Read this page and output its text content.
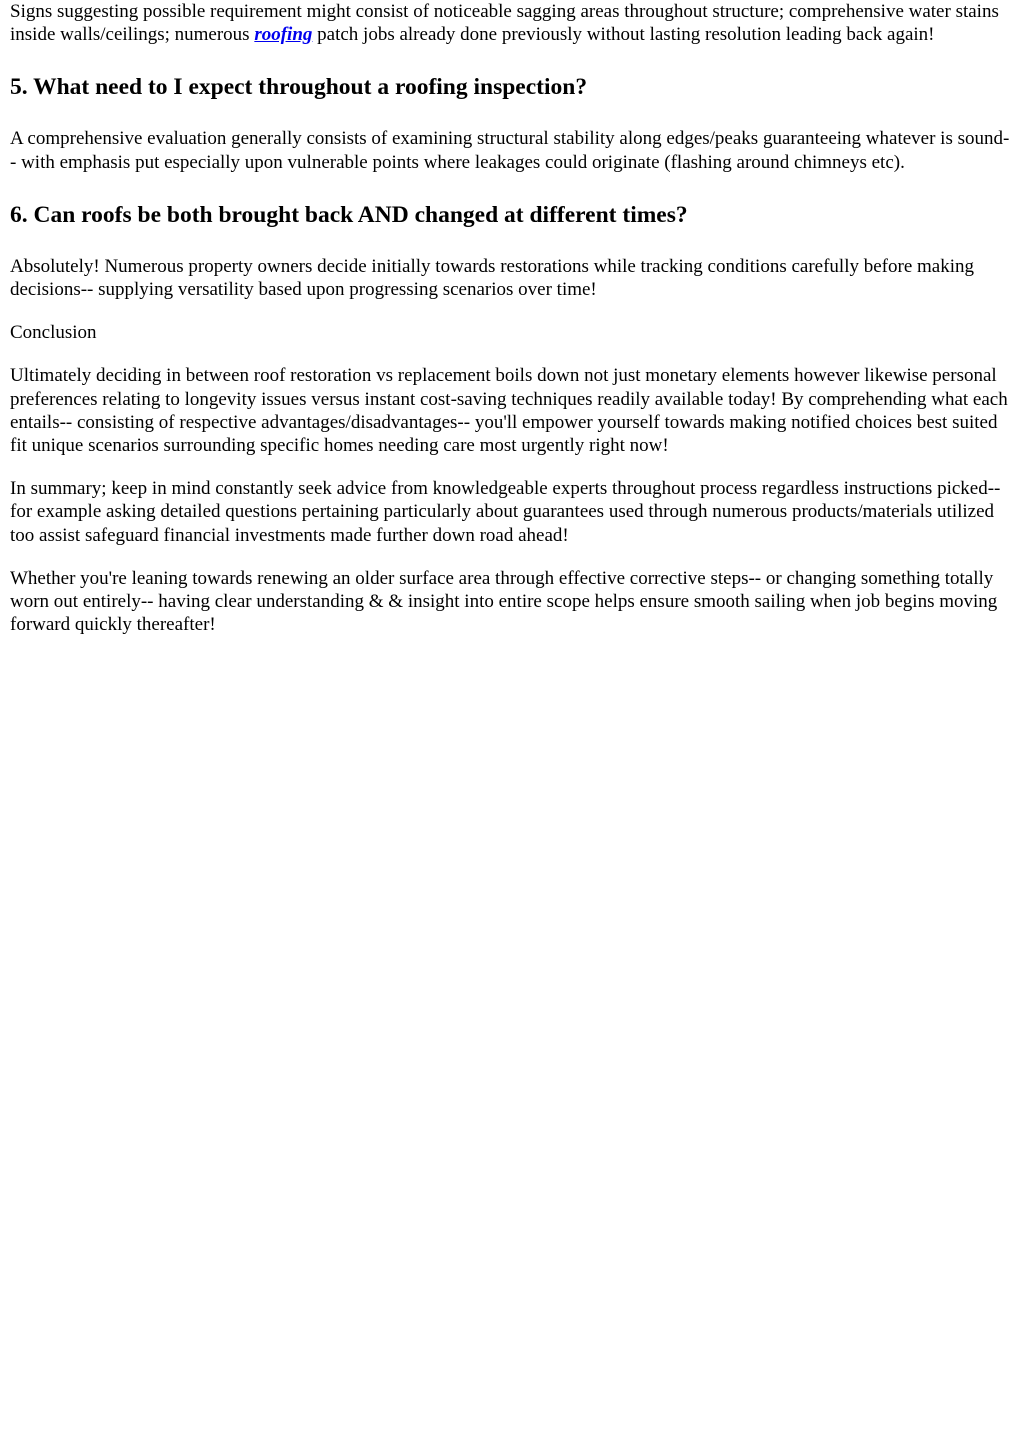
Signs suggesting possible requirement might consist of noticeable sagging areas throughout structure; comprehensive water stains inside walls/ceilings; numerous roofing patch jobs already done previously without lasting resolution leading back again!

5. What need to I expect throughout a roofing inspection?

A comprehensive evaluation generally consists of examining structural stability along edges/peaks guaranteeing whatever is sound-- with emphasis put especially upon vulnerable points where leakages could originate (flashing around chimneys etc).

6. Can roofs be both brought back AND changed at different times?

Absolutely! Numerous property owners decide initially towards restorations while tracking conditions carefully before making decisions-- supplying versatility based upon progressing scenarios over time!

Conclusion

Ultimately deciding in between roof restoration vs replacement boils down not just monetary elements however likewise personal preferences relating to longevity issues versus instant cost-saving techniques readily available today! By comprehending what each entails-- consisting of respective advantages/disadvantages-- you'll empower yourself towards making notified choices best suited fit unique scenarios surrounding specific homes needing care most urgently right now!

In summary; keep in mind constantly seek advice from knowledgeable experts throughout process regardless instructions picked-- for example asking detailed questions pertaining particularly about guarantees used through numerous products/materials utilized too assist safeguard financial investments made further down road ahead!

Whether you're leaning towards renewing an older surface area through effective corrective steps-- or changing something totally worn out entirely-- having clear understanding & & insight into entire scope helps ensure smooth sailing when job begins moving forward quickly thereafter!
